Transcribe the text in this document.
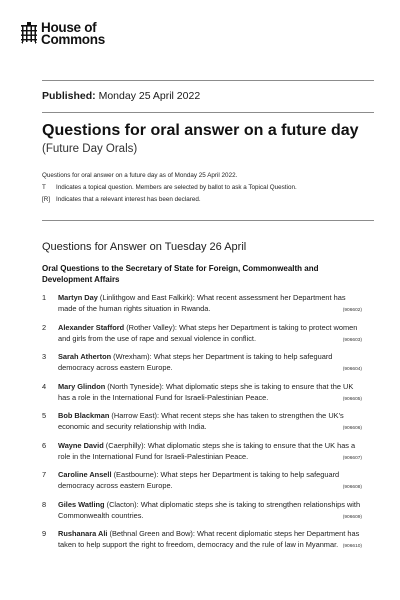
House of
Commons
Published: Monday 25 April 2022
Questions for oral answer on a future day
(Future Day Orals)
Questions for oral answer on a future day as of Monday 25 April 2022.
T	Indicates a topical question. Members are selected by ballot to ask a Topical Question.
[R] Indicates that a relevant interest has been declared.
Questions for Answer on Tuesday 26 April
Oral Questions to the Secretary of State for Foreign, Commonwealth and Development Affairs
1	Martyn Day (Linlithgow and East Falkirk): What recent assessment her Department has made of the human rights situation in Rwanda.	(906602)
2	Alexander Stafford (Rother Valley): What steps her Department is taking to protect women and girls from the use of rape and sexual violence in conflict.	(906603)
3	Sarah Atherton (Wrexham): What steps her Department is taking to help safeguard democracy across eastern Europe.	(906604)
4	Mary Glindon (North Tyneside): What diplomatic steps she is taking to ensure that the UK has a role in the International Fund for Israeli-Palestinian Peace.	(906605)
5	Bob Blackman (Harrow East): What recent steps she has taken to strengthen the UK's economic and security relationship with India.	(906606)
6	Wayne David (Caerphilly): What diplomatic steps she is taking to ensure that the UK has a role in the International Fund for Israeli-Palestinian Peace.	(906607)
7	Caroline Ansell (Eastbourne): What steps her Department is taking to help safeguard democracy across eastern Europe.	(906608)
8	Giles Watling (Clacton): What diplomatic steps she is taking to strengthen relationships with Commonwealth countries.	(906609)
9	Rushanara Ali (Bethnal Green and Bow): What recent diplomatic steps her Department has taken to help support the right to freedom, democracy and the rule of law in Myanmar. (906610)
